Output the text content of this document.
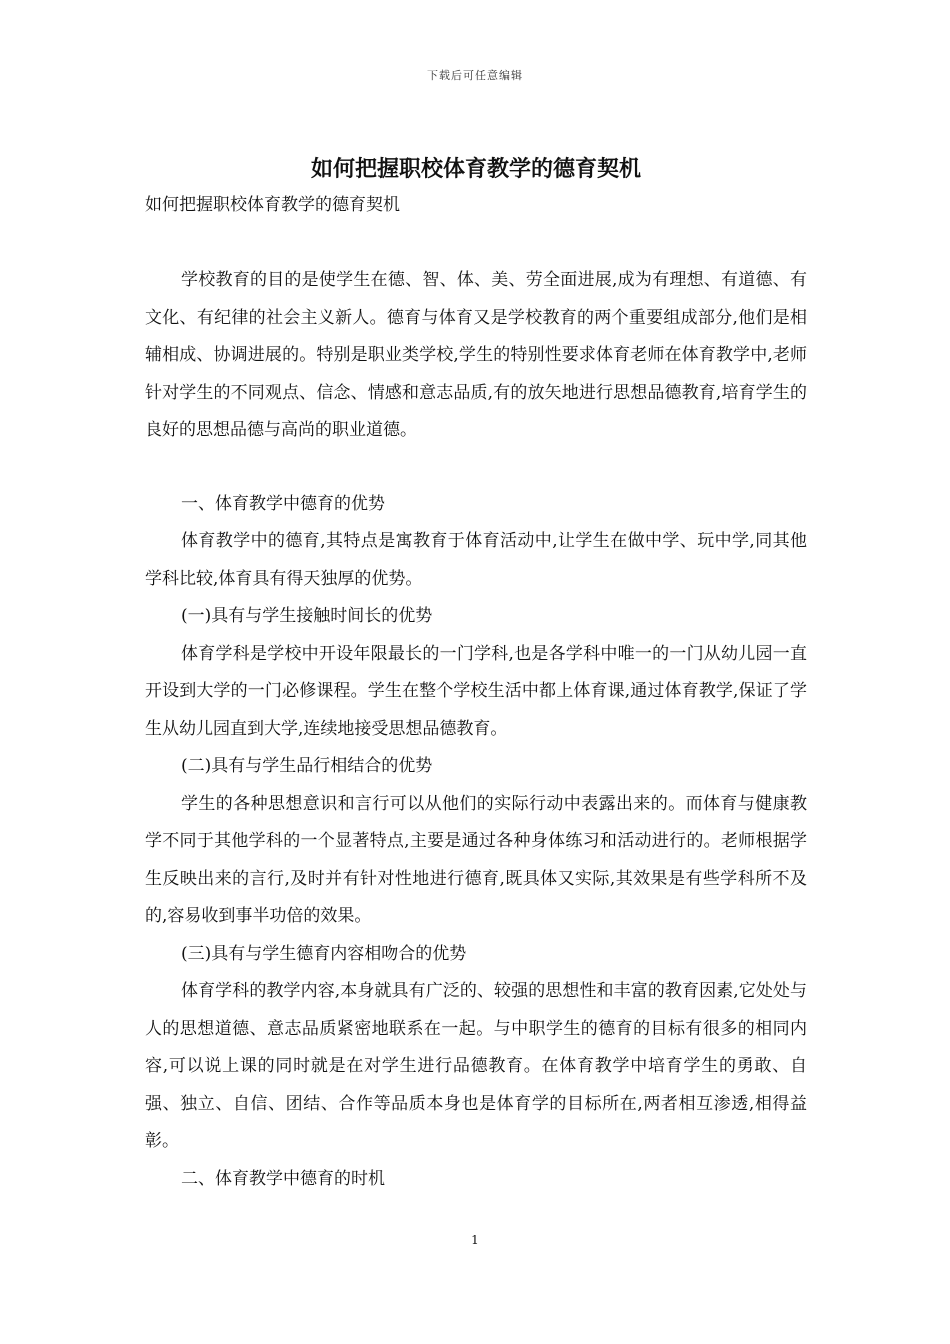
下载后可任意编辑
如何把握职校体育教学的德育契机

如何把握职校体育教学的德育契机

学校教育的目的是使学生在德、智、体、美、劳全面进展,成为有理想、有道德、有文化、有纪律的社会主义新人。德育与体育又是学校教育的两个重要组成部分,他们是相辅相成、协调进展的。特别是职业类学校,学生的特别性要求体育老师在体育教学中,老师针对学生的不同观点、信念、情感和意志品质,有的放矢地进行思想品德教育,培育学生的良好的思想品德与高尚的职业道德。

一、体育教学中德育的优势

体育教学中的德育,其特点是寓教育于体育活动中,让学生在做中学、玩中学,同其他学科比较,体育具有得天独厚的优势。

(一)具有与学生接触时间长的优势

体育学科是学校中开设年限最长的一门学科,也是各学科中唯一的一门从幼儿园一直开设到大学的一门必修课程。学生在整个学校生活中都上体育课,通过体育教学,保证了学生从幼儿园直到大学,连续地接受思想品德教育。

(二)具有与学生品行相结合的优势

学生的各种思想意识和言行可以从他们的实际行动中表露出来的。而体育与健康教学不同于其他学科的一个显著特点,主要是通过各种身体练习和活动进行的。老师根据学生反映出来的言行,及时并有针对性地进行德育,既具体又实际,其效果是有些学科所不及的,容易收到事半功倍的效果。

(三)具有与学生德育内容相吻合的优势

体育学科的教学内容,本身就具有广泛的、较强的思想性和丰富的教育因素,它处处与人的思想道德、意志品质紧密地联系在一起。与中职学生的德育的目标有很多的相同内容,可以说上课的同时就是在对学生进行品德教育。在体育教学中培育学生的勇敢、自强、独立、自信、团结、合作等品质本身也是体育学的目标所在,两者相互渗透,相得益彰。

二、体育教学中德育的时机

1
